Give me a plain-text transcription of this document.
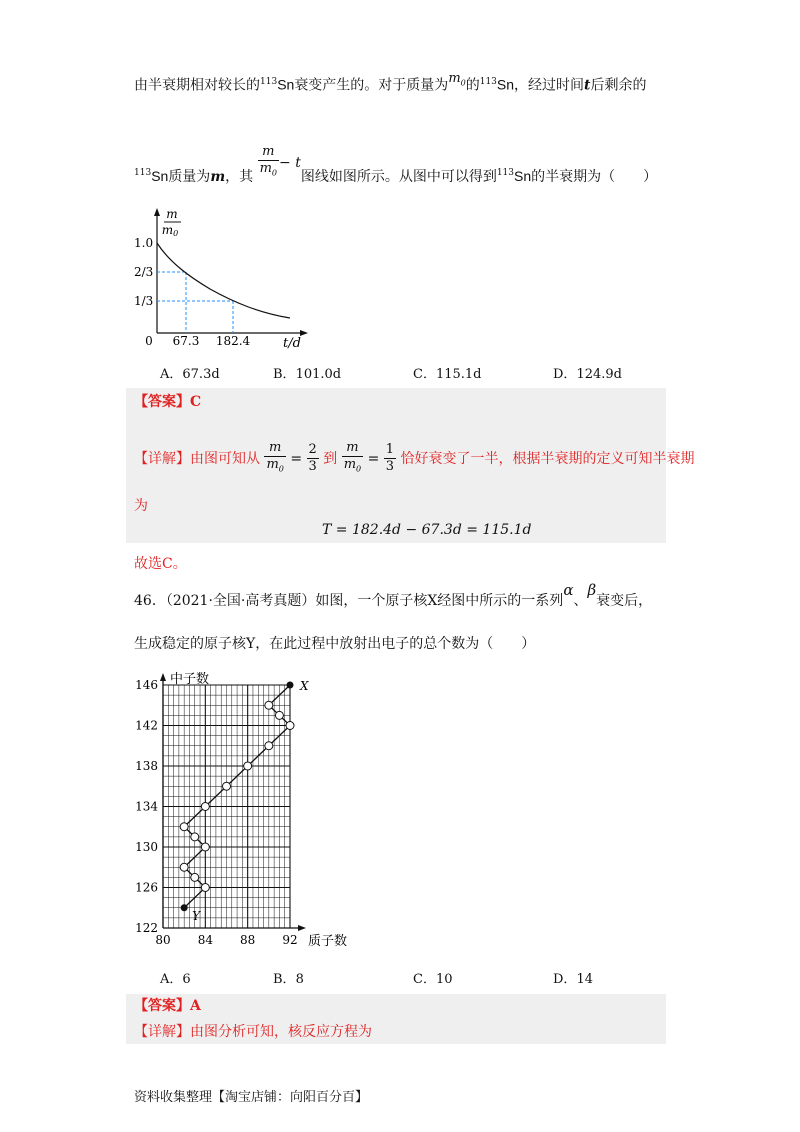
由半衰期相对较长的$^{113}$Sn衰变产生的。对于质量为$m_0$的$^{113}$Sn，经过时间t后剩余的
$^{113}$Sn质量为m，其 $\frac{m}{m_0} - t$图线如图所示。从图中可以得到$^{113}$Sn的半衰期为（　　）
m
m0
1.0
2/3
1/3
0 67.3 182.4	t/d
A．67.3d	B．101.0d	C．115.1d	D．124.9d
【答案】C
【详解】由图可知从 $\frac{m}{m_0} = \frac{2}{3}$ 到 $\frac{m}{m_0} = \frac{1}{3}$ 恰好衰变了一半，根据半衰期的定义可知半衰期
为
T = 182.4d − 67.3d = 115.1d
故选C。
46．（2021·全国·高考真题）如图，一个原子核X经图中所示的一系列α、β衰变后，
生成稳定的原子核Y，在此过程中放射出电子的总个数为（　　）
中子数
质子数
146
142
138
134
130
126
122
80 84 88 92
X
Y
A．6	B．8	C．10	D．14
【答案】A
【详解】由图分析可知，核反应方程为
资料收集整理【淘宝店铺：向阳百分百】
